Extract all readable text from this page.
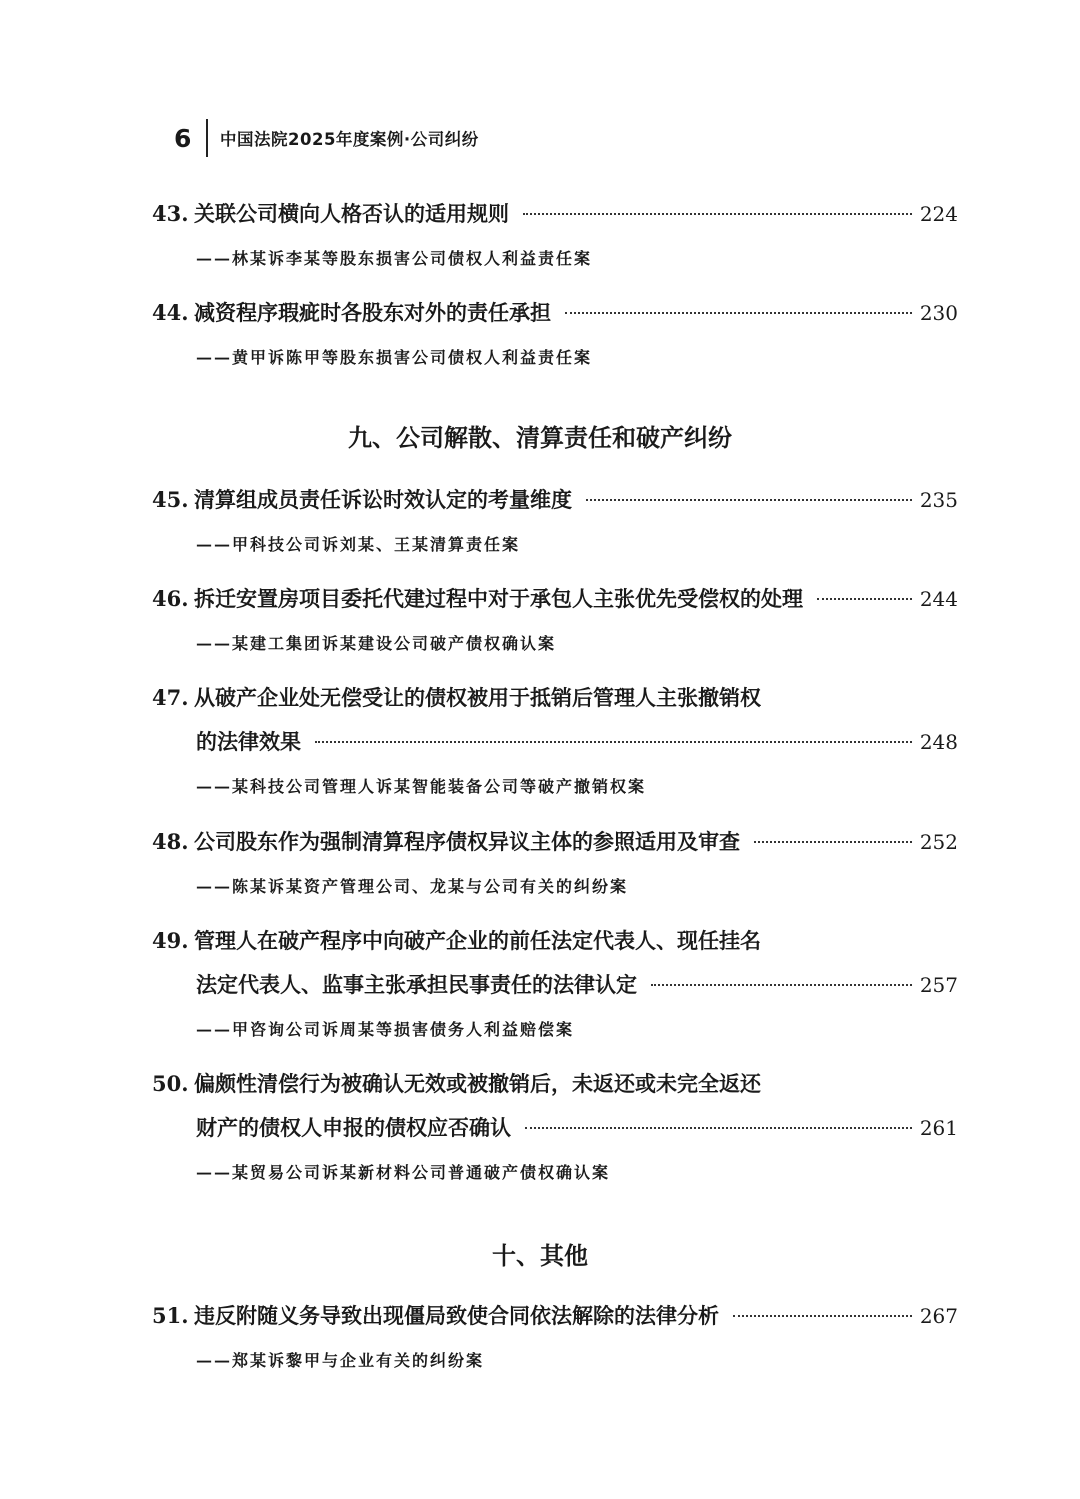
6	中国法院2025年度案例·公司纠纷
43. 关联公司横向人格否认的适用规则	224
——林某诉李某等股东损害公司债权人利益责任案
44. 减资程序瑕疵时各股东对外的责任承担	230
——黄甲诉陈甲等股东损害公司债权人利益责任案
九、公司解散、清算责任和破产纠纷
45. 清算组成员责任诉讼时效认定的考量维度	235
——甲科技公司诉刘某、王某清算责任案
46. 拆迁安置房项目委托代建过程中对于承包人主张优先受偿权的处理	244
——某建工集团诉某建设公司破产债权确认案
47. 从破产企业处无偿受让的债权被用于抵销后管理人主张撤销权
的法律效果	248
——某科技公司管理人诉某智能装备公司等破产撤销权案
48. 公司股东作为强制清算程序债权异议主体的参照适用及审查	252
——陈某诉某资产管理公司、龙某与公司有关的纠纷案
49. 管理人在破产程序中向破产企业的前任法定代表人、现任挂名
法定代表人、监事主张承担民事责任的法律认定	257
——甲咨询公司诉周某等损害债务人利益赔偿案
50. 偏颇性清偿行为被确认无效或被撤销后，未返还或未完全返还
财产的债权人申报的债权应否确认	261
——某贸易公司诉某新材料公司普通破产债权确认案
十、其他
51. 违反附随义务导致出现僵局致使合同依法解除的法律分析	267
——郑某诉黎甲与企业有关的纠纷案
